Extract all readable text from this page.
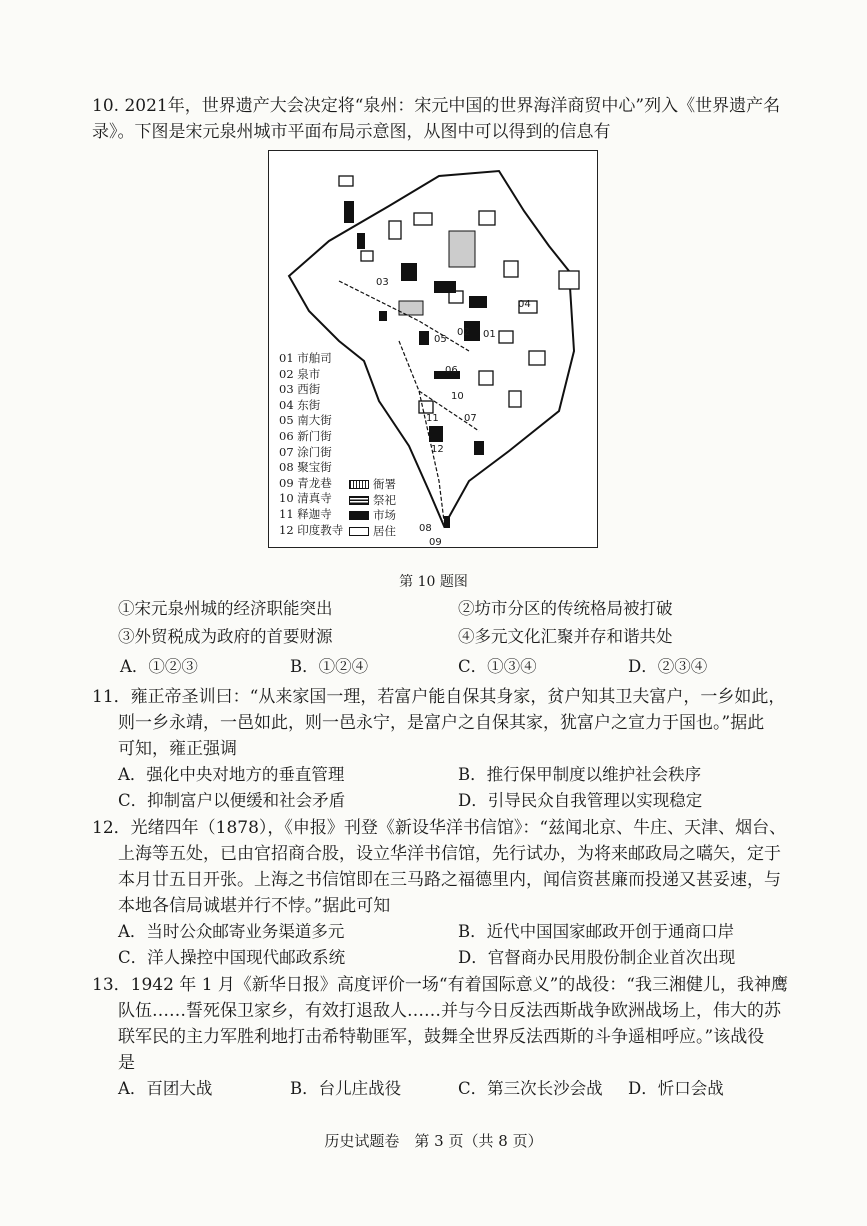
10. 2021年，世界遗产大会决定将“泉州：宋元中国的世界海洋商贸中心”列入《世界遗产名
录》。下图是宋元泉州城市平面布局示意图，从图中可以得到的信息有
03
04
05
02 01
06
10
11	07
12
08
09
01 市舶司
02 泉市
03 西街
04 东街
05 南大街
06 新门街
07 涂门街
08 聚宝街
09 青龙巷
10 清真寺
11 释迦寺
12 印度教寺
衙署
祭祀
市场
居住
第 10 题图
①宋元泉州城的经济职能突出	②坊市分区的传统格局被打破
③外贸税成为政府的首要财源	④多元文化汇聚并存和谐共处
A．①②③	B．①②④	C．①③④	D．②③④
11．雍正帝圣训曰：“从来家国一理，若富户能自保其身家，贫户知其卫夫富户，一乡如此，
则一乡永靖，一邑如此，则一邑永宁，是富户之自保其家，犹富户之宣力于国也。”据此
可知，雍正强调
A．强化中央对地方的垂直管理	B．推行保甲制度以维护社会秩序
C．抑制富户以便缓和社会矛盾	D．引导民众自我管理以实现稳定
12．光绪四年（1878），《申报》刊登《新设华洋书信馆》：“兹闻北京、牛庄、天津、烟台、
上海等五处，已由官招商合股，设立华洋书信馆，先行试办，为将来邮政局之嚆矢，定于
本月廿五日开张。上海之书信馆即在三马路之福德里内，闻信资甚廉而投递又甚妥速，与
本地各信局诚堪并行不悖。”据此可知
A．当时公众邮寄业务渠道多元	B．近代中国国家邮政开创于通商口岸
C．洋人操控中国现代邮政系统	D．官督商办民用股份制企业首次出现
13．1942 年 1 月《新华日报》高度评价一场“有着国际意义”的战役：“我三湘健儿，我神鹰
队伍……誓死保卫家乡，有效打退敌人……并与今日反法西斯战争欧洲战场上，伟大的苏
联军民的主力军胜利地打击希特勒匪军，鼓舞全世界反法西斯的斗争遥相呼应。”该战役
是
A．百团大战	B．台儿庄战役	C．第三次长沙会战 D．忻口会战
历史试题卷　第 3 页（共 8 页）
